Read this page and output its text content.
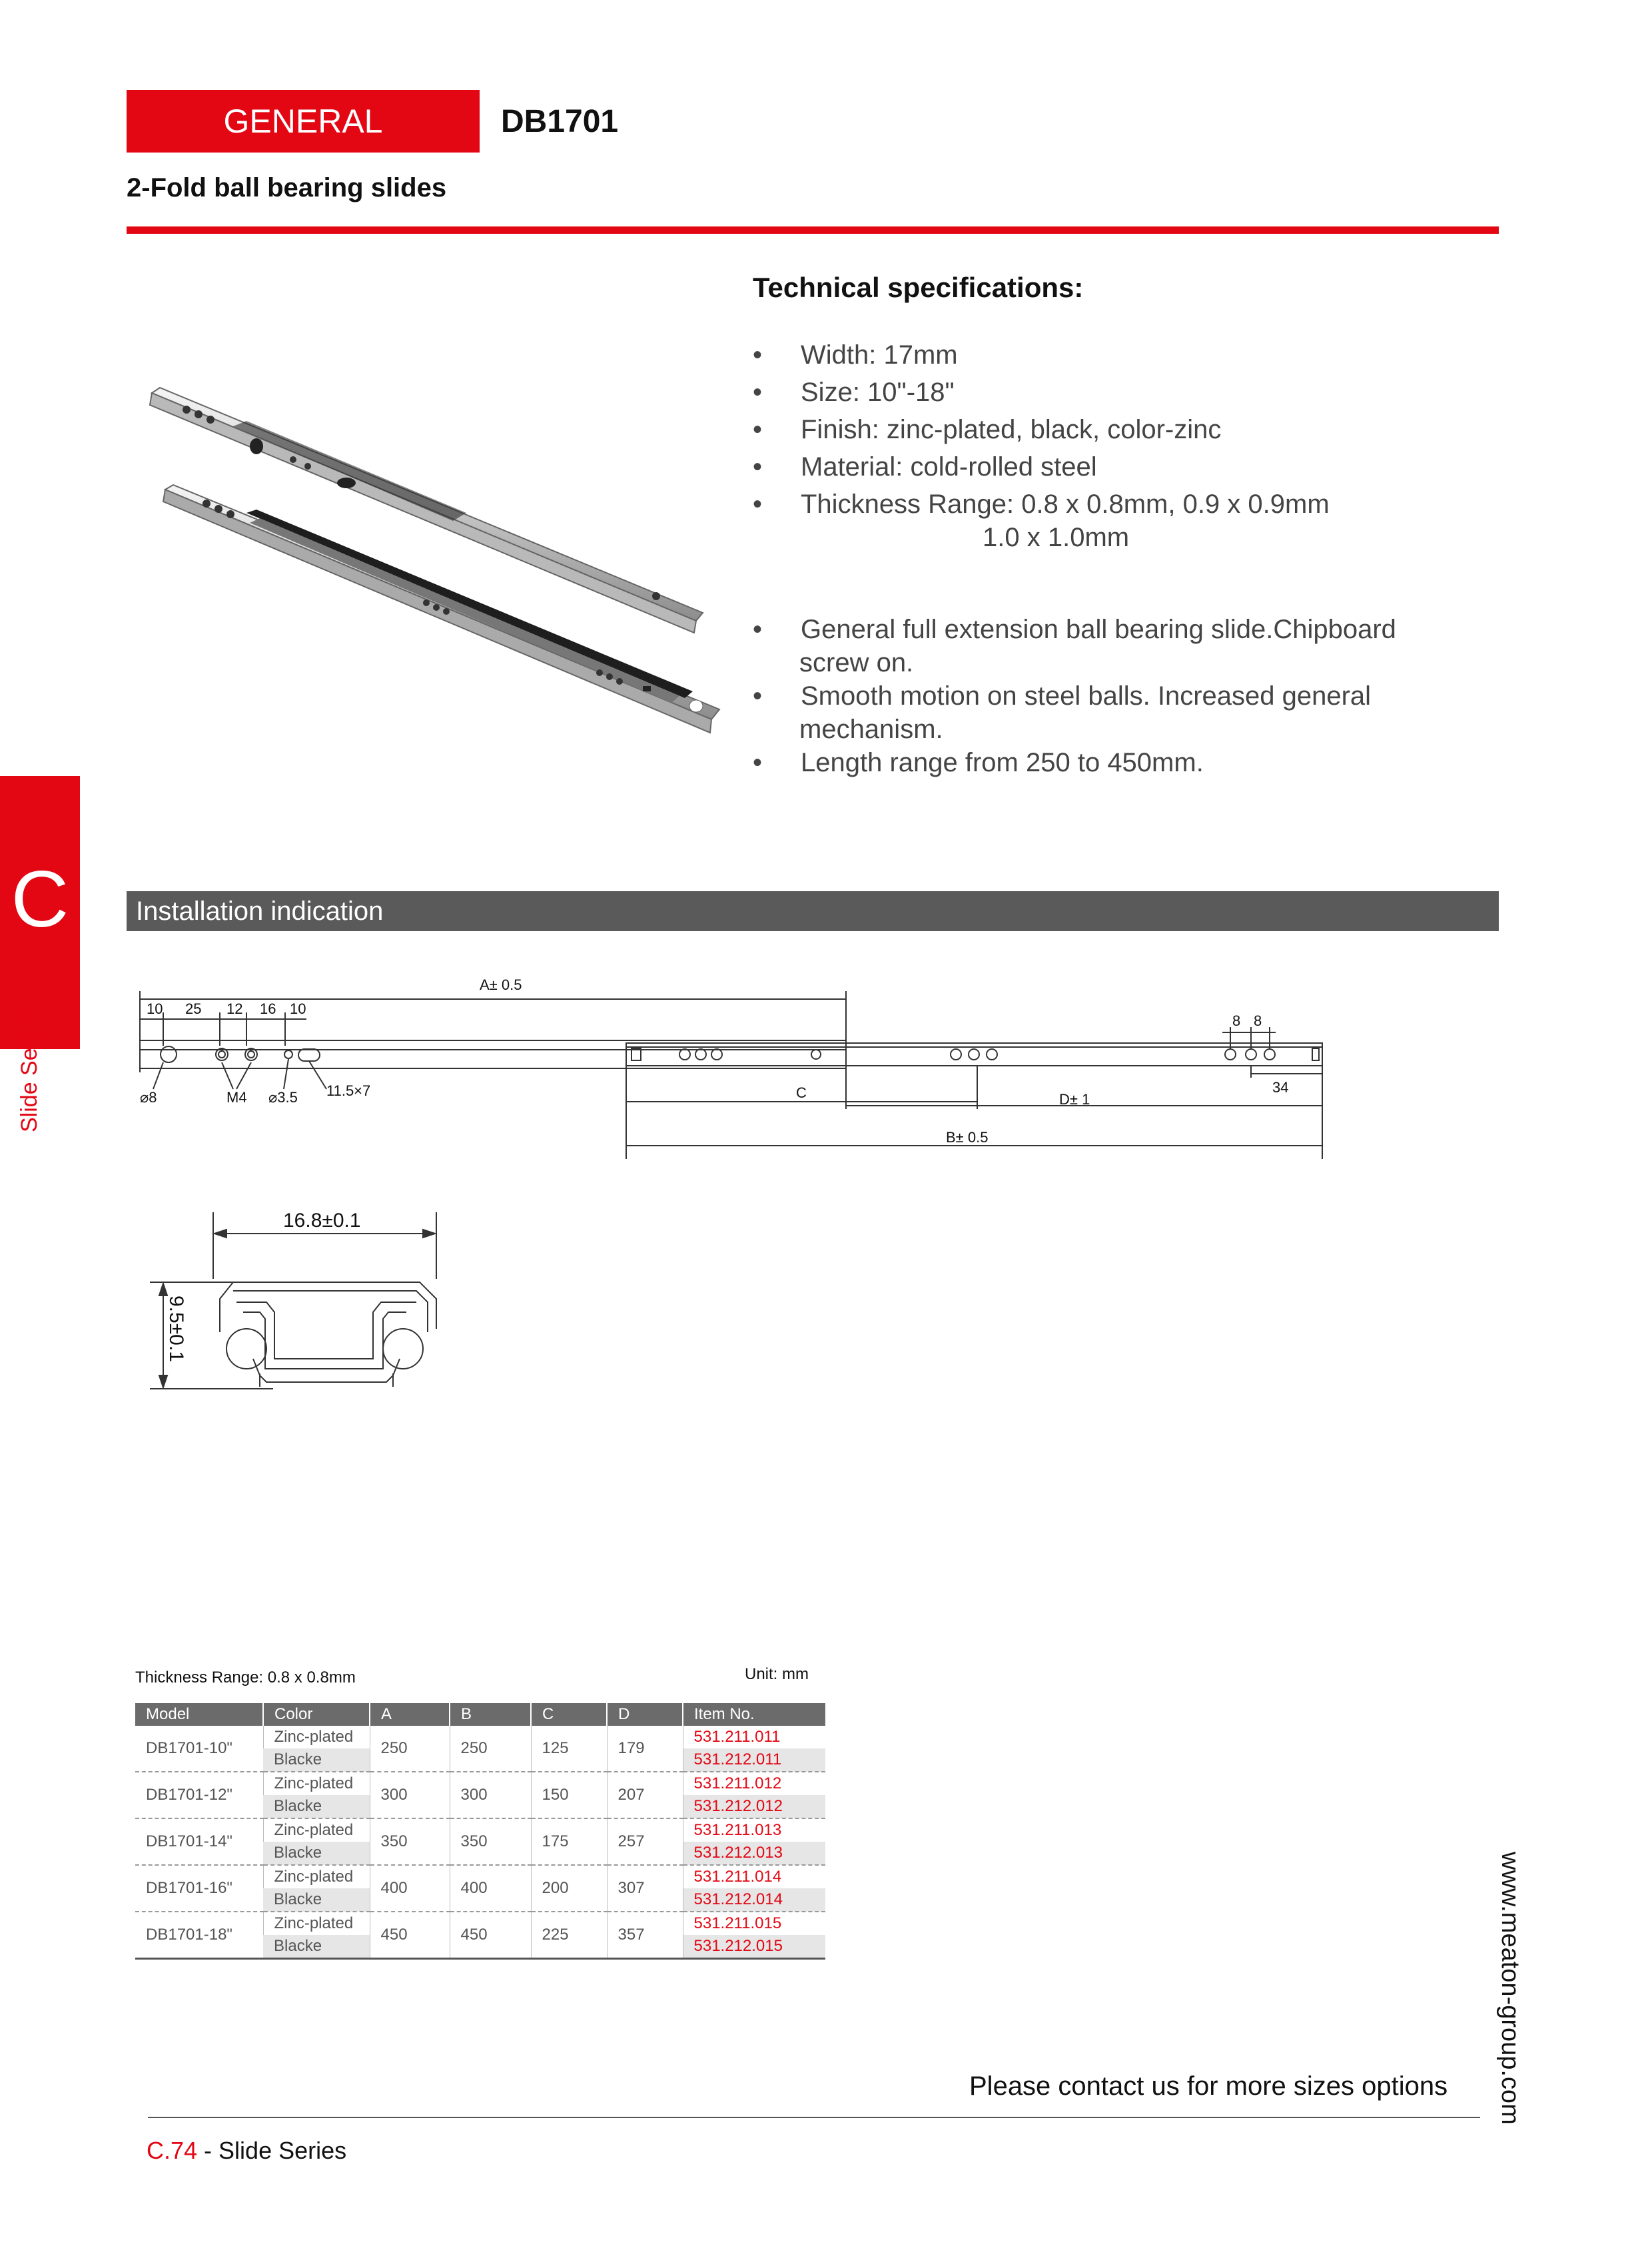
GENERAL	DB1701
2-Fold ball bearing slides
Technical specifications:
• Width: 17mm
• Size: 10"-18"
• Finish: zinc-plated, black, color-zinc
• Material: cold-rolled steel
• Thickness Range: 0.8 x 0.8mm, 0.9 x 0.9mm
1.0 x 1.0mm
• General full extension ball bearing slide.Chipboard
screw on.
• Smooth motion on steel balls. Increased general
mechanism.
• Length range from 250 to 450mm.
C
Slide Series
Installation indication
A± 0.5
10 25 12 16 10
8 8
34
⌀8	M4 ⌀3.5 11.5×7	C	D± 1
B± 0.5
16.8±0.1
9.5±0.1
Thickness Range: 0.8 x 0.8mm	Unit: mm
Model	Color	A	B	C	D	Item No.
DB1701-10"	Zinc-plated	250	250	125	179	531.211.011
	Blacke					531.212.011
DB1701-12"	Zinc-plated	300	300	150	207	531.211.012
	Blacke					531.212.012
DB1701-14"	Zinc-plated	350	350	175	257	531.211.013
	Blacke					531.212.013
DB1701-16"	Zinc-plated	400	400	200	307	531.211.014
	Blacke					531.212.014
DB1701-18"	Zinc-plated	450	450	225	357	531.211.015
	Blacke					531.212.015
Please contact us for more sizes options
C.74 - Slide Series
www.meaton-group.com
